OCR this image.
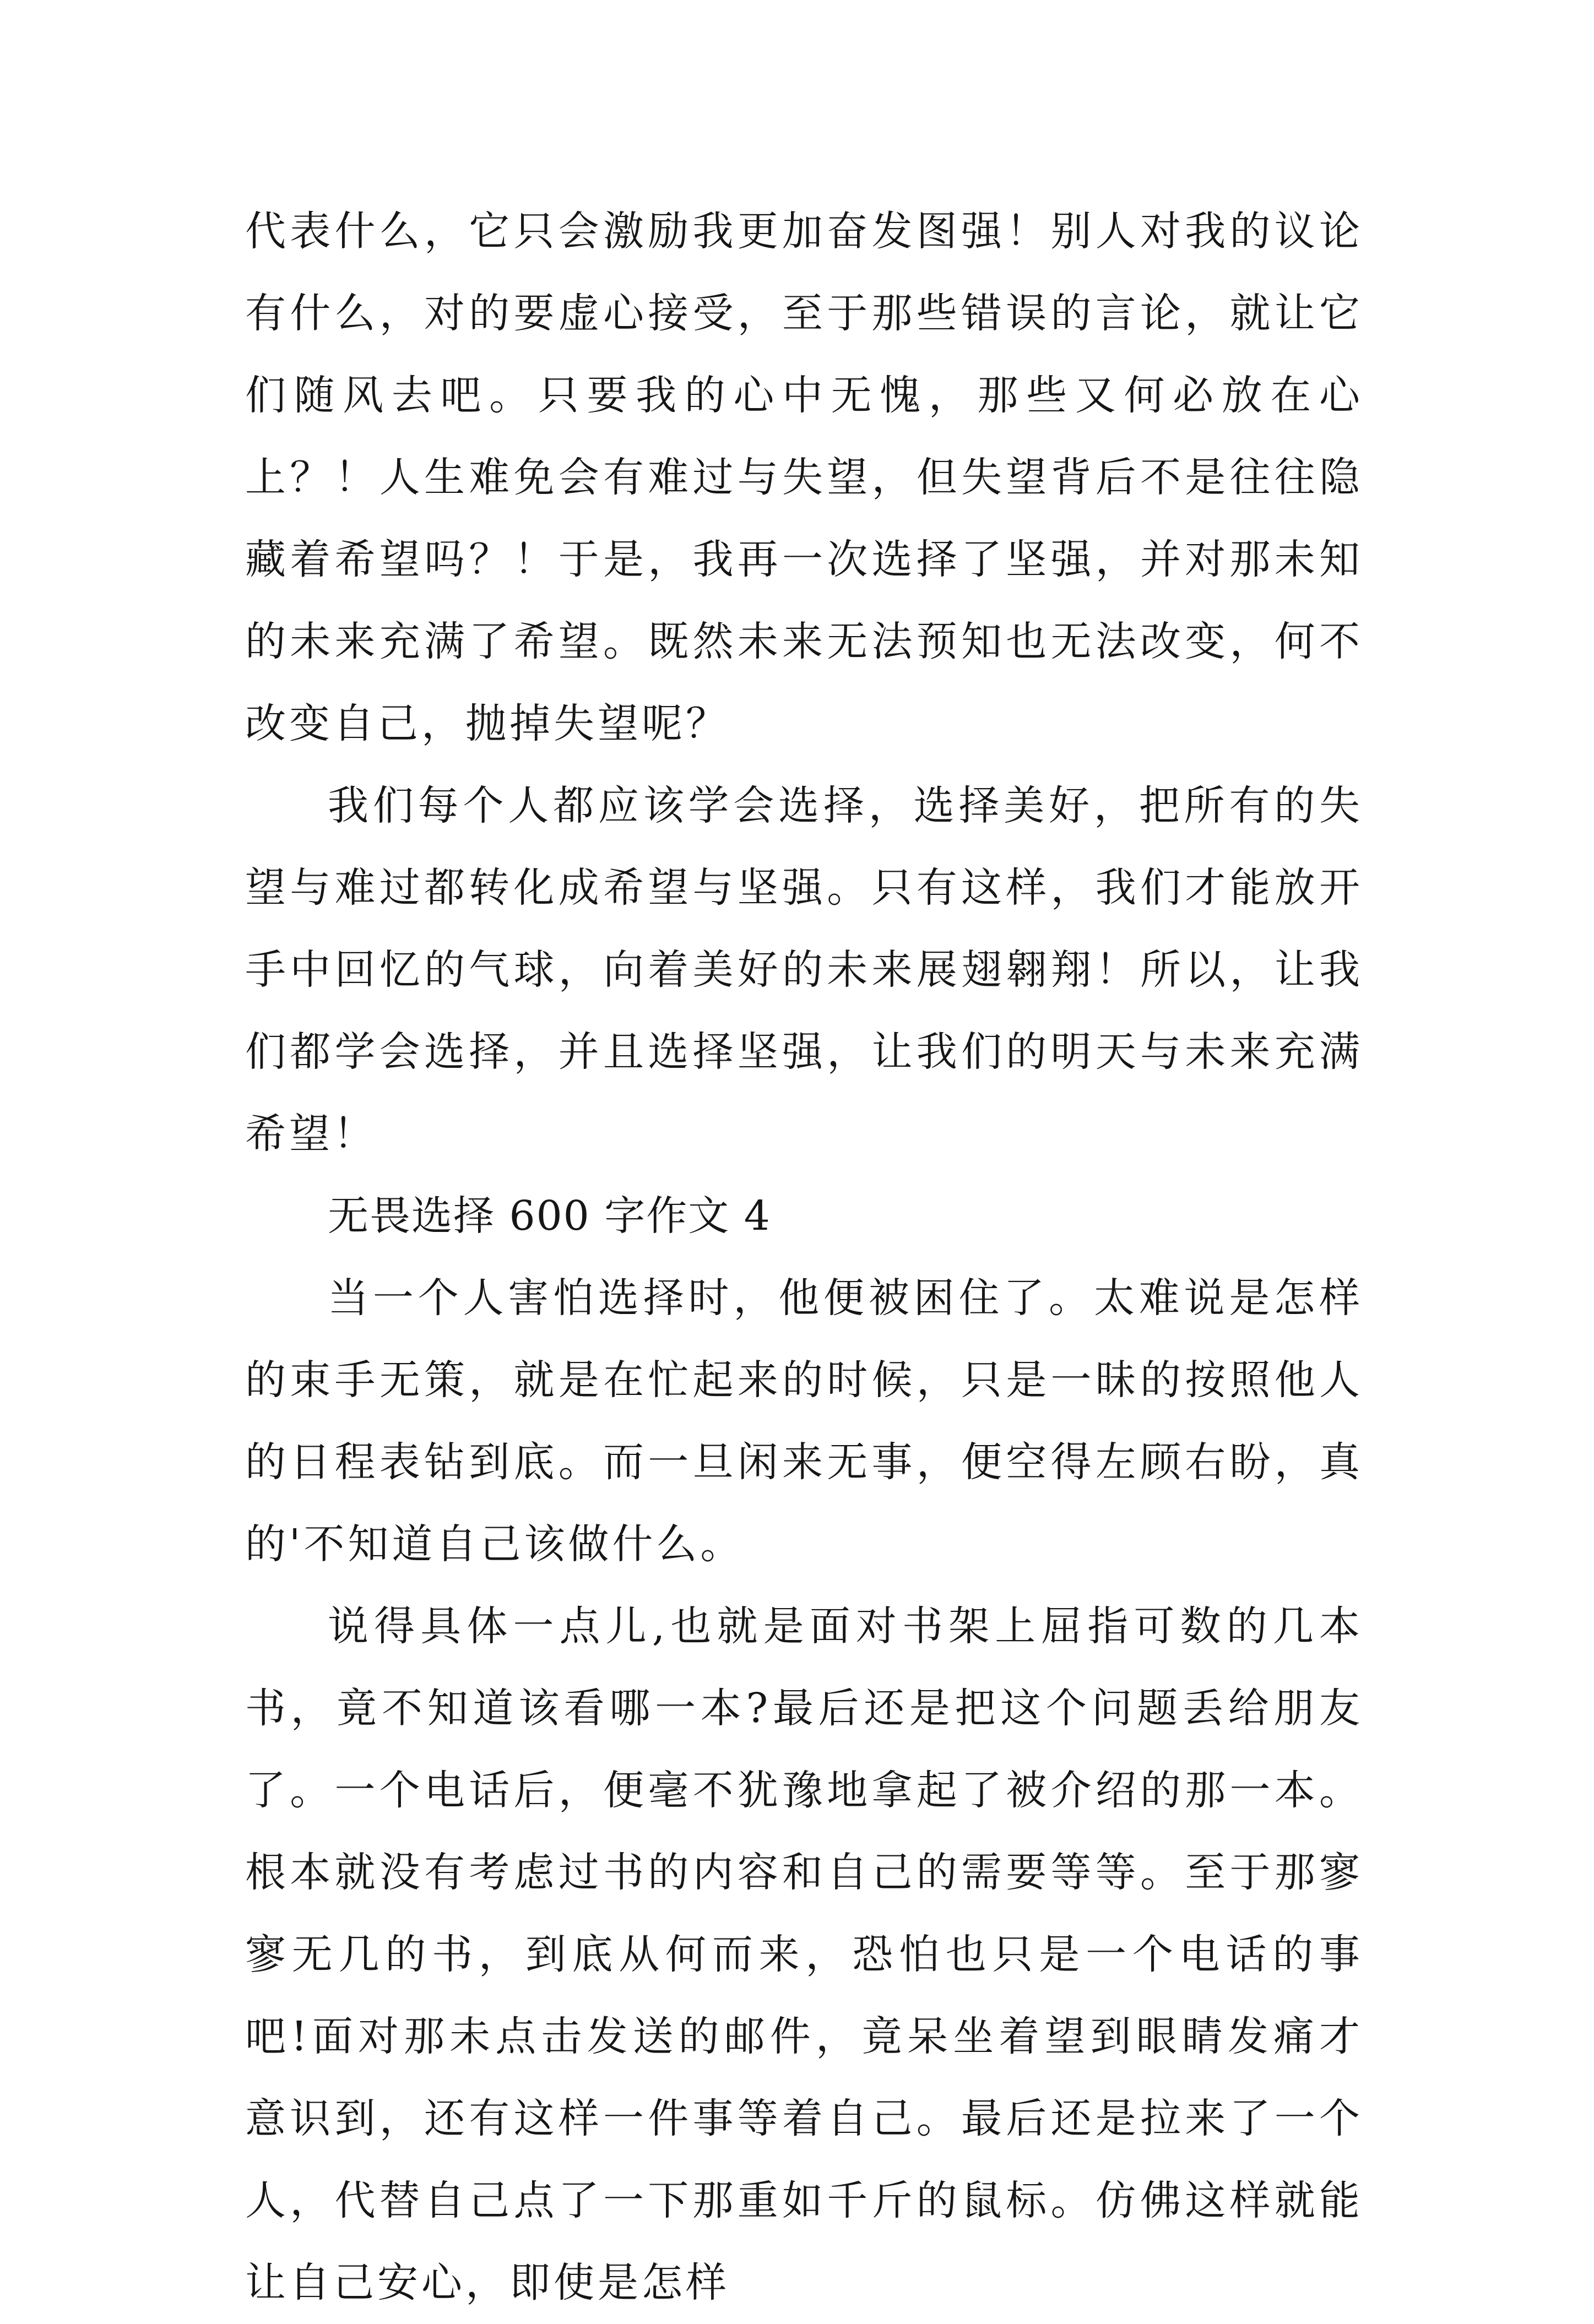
代表什么，它只会激励我更加奋发图强！别人对我的议论有什么，对的要虚心接受，至于那些错误的言论，就让它们随风去吧。只要我的心中无愧，那些又何必放在心上？！人生难免会有难过与失望，但失望背后不是往往隐藏着希望吗？！于是，我再一次选择了坚强，并对那未知的未来充满了希望。既然未来无法预知也无法改变，何不改变自己，抛掉失望呢？

我们每个人都应该学会选择，选择美好，把所有的失望与难过都转化成希望与坚强。只有这样，我们才能放开手中回忆的气球，向着美好的未来展翅翱翔！所以，让我们都学会选择，并且选择坚强，让我们的明天与未来充满希望！

无畏选择 600 字作文 4

当一个人害怕选择时，他便被困住了。太难说是怎样的束手无策，就是在忙起来的时候，只是一昧的按照他人的日程表钻到底。而一旦闲来无事，便空得左顾右盼，真的'不知道自己该做什么。

说得具体一点儿,也就是面对书架上屈指可数的几本书，竟不知道该看哪一本?最后还是把这个问题丢给朋友了。一个电话后，便毫不犹豫地拿起了被介绍的那一本。根本就没有考虑过书的内容和自己的需要等等。至于那寥寥无几的书，到底从何而来，恐怕也只是一个电话的事吧!面对那未点击发送的邮件，竟呆坐着望到眼睛发痛才意识到，还有这样一件事等着自己。最后还是拉来了一个人，代替自己点了一下那重如千斤的鼠标。仿佛这样就能让自己安心，即使是怎样
